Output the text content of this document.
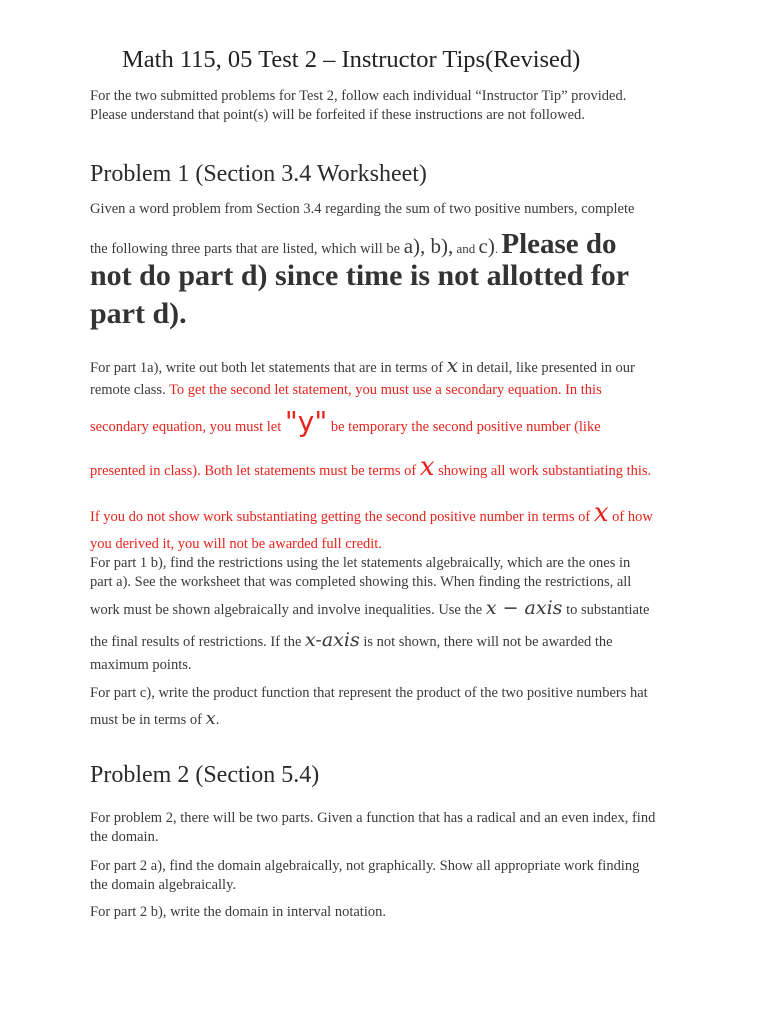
Math 115, 05 Test 2 – Instructor Tips(Revised)
For the two submitted problems for Test 2, follow each individual “Instructor Tip” provided.
Please understand that point(s) will be forfeited if these instructions are not followed.
Problem 1 (Section 3.4 Worksheet)
Given a word problem from Section 3.4 regarding the sum of two positive numbers, complete
the following three parts that are listed, which will be a), b), and c). Please do
not do part d) since time is not allotted for
part d).
For part 1a), write out both let statements that are in terms of x in detail, like presented in our
remote class. To get the second let statement, you must use a secondary equation. In this
secondary equation, you must let "y" be temporary the second positive number (like
presented in class). Both let statements must be terms of x showing all work substantiating this.
If you do not show work substantiating getting the second positive number in terms of x of how
you derived it, you will not be awarded full credit.
For part 1 b), find the restrictions using the let statements algebraically, which are the ones in
part a). See the worksheet that was completed showing this. When finding the restrictions, all
work must be shown algebraically and involve inequalities. Use the x − axis to substantiate
the final results of restrictions. If the x-axis is not shown, there will not be awarded the
maximum points.
For part c), write the product function that represent the product of the two positive numbers hat
must be in terms of x.
Problem 2 (Section 5.4)
For problem 2, there will be two parts. Given a function that has a radical and an even index, find
the domain.
For part 2 a), find the domain algebraically, not graphically. Show all appropriate work finding
the domain algebraically.
For part 2 b), write the domain in interval notation.
